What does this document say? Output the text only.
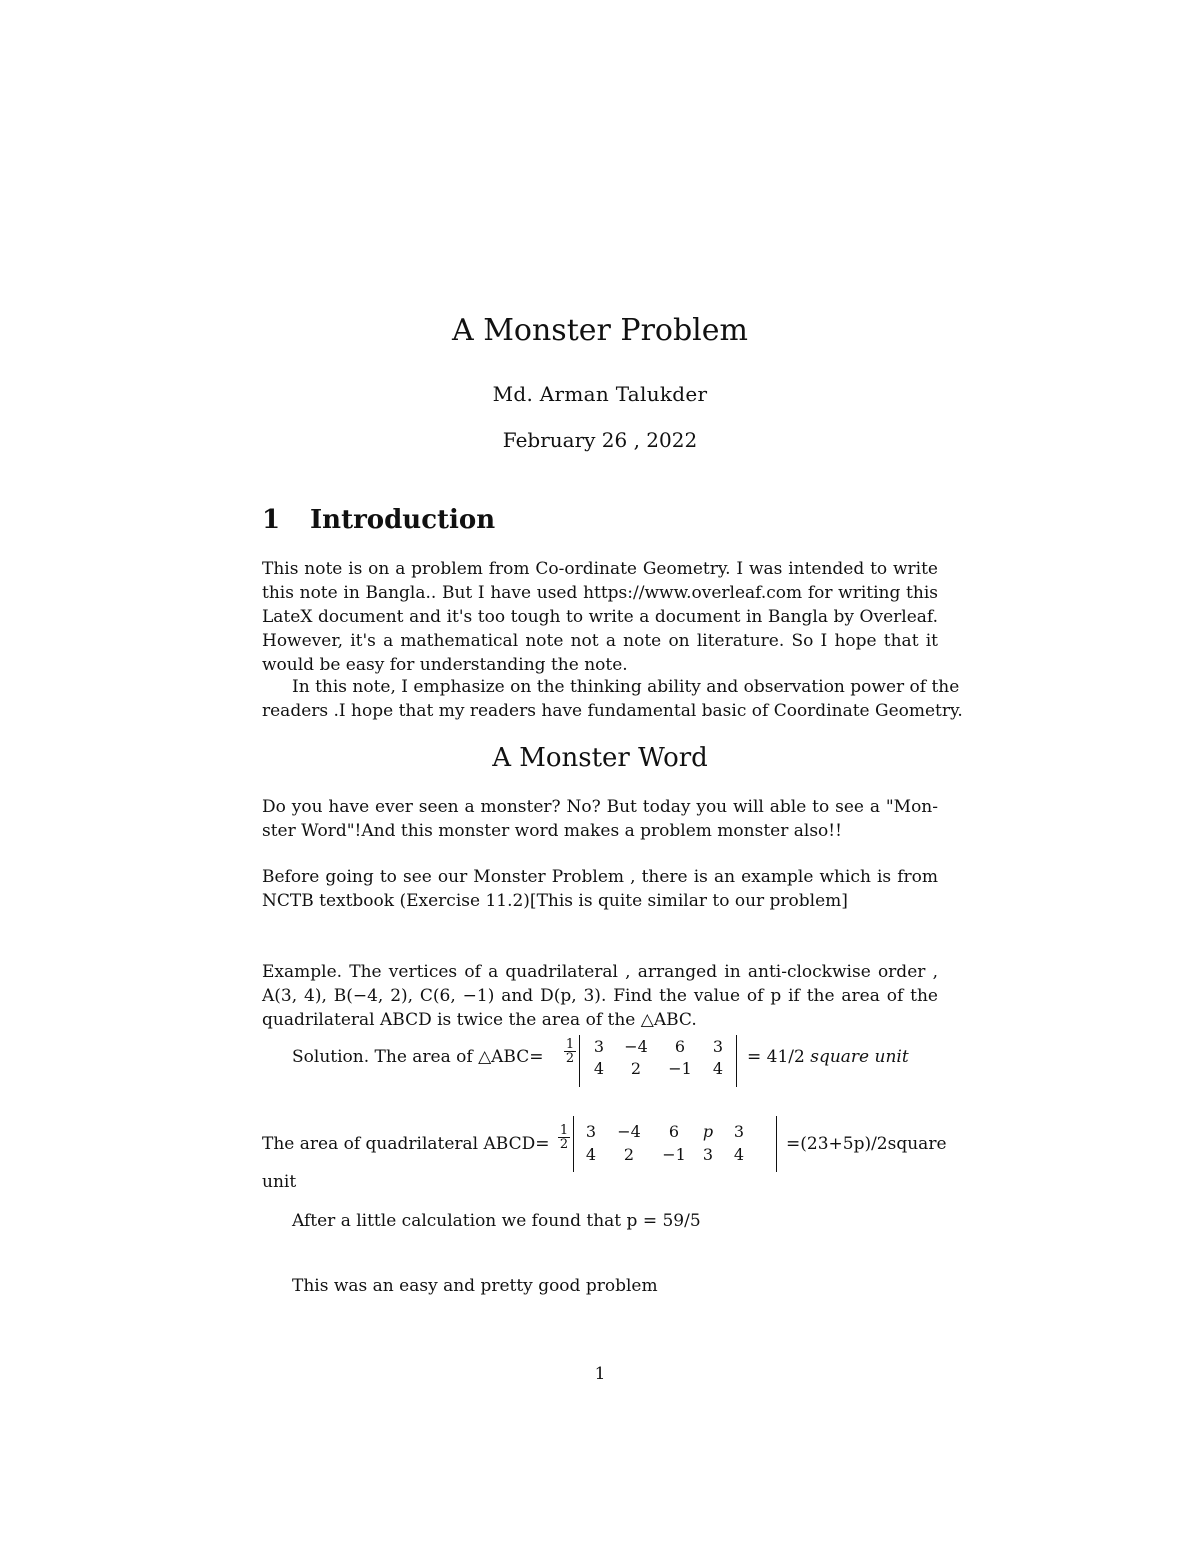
A Monster Problem
Md. Arman Talukder
February 26 , 2022
1 Introduction
This note is on a problem from Co-ordinate Geometry. I was intended to write
this note in Bangla.. But I have used https://www.overleaf.com for writing this
LateX document and it's too tough to write a document in Bangla by Overleaf.
However, it's a mathematical note not a note on literature. So I hope that it
would be easy for understanding the note.
In this note, I emphasize on the thinking ability and observation power of the
readers .I hope that my readers have fundamental basic of Coordinate Geometry.
A Monster Word
Do you have ever seen a monster? No? But today you will able to see a "Mon-
ster Word"!And this monster word makes a problem monster also!!
Before going to see our Monster Problem , there is an example which is from
NCTB textbook (Exercise 11.2)[This is quite similar to our problem]
Example. The vertices of a quadrilateral , arranged in anti-clockwise order ,
A(3, 4), B(−4, 2), C(6, −1) and D(p, 3). Find the value of p if the area of the
quadrilateral ABCD is twice the area of the △ABC.
Solution. The area of △ABC= $\frac{1}{2}$	3	−4	6	3
4	2	−1	4
= 41/2 square unit
The area of quadrilateral ABCD= $\frac{1}{2} 3$	−4	6	p	3
4	2	−1	3	4
=(23+5p)/2square
unit
After a little calculation we found that p = 59/5
This was an easy and pretty good problem
1
